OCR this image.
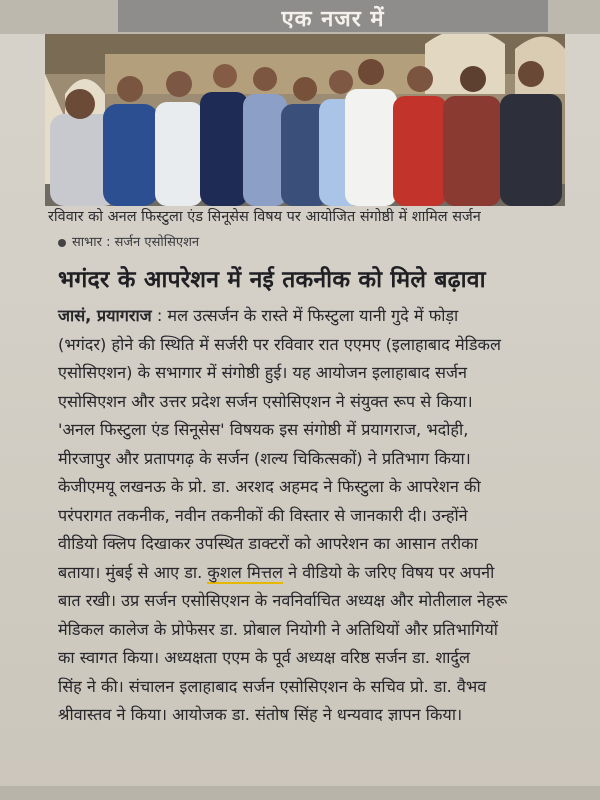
एक नजर में
रविवार को अनल फिस्टुला एंड सिनूसेस विषय पर आयोजित संगोष्ठी में शामिल सर्जन
साभार : सर्जन एसोसिएशन
भगंदर के आपरेशन में नई तकनीक को मिले बढ़ावा
जासं, प्रयागराज : मल उत्सर्जन के रास्ते में फिस्टुला यानी गुदे में फोड़ा
(भगंदर) होने की स्थिति में सर्जरी पर रविवार रात एएमए (इलाहाबाद मेडिकल
एसोसिएशन) के सभागार में संगोष्ठी हुई। यह आयोजन इलाहाबाद सर्जन
एसोसिएशन और उत्तर प्रदेश सर्जन एसोसिएशन ने संयुक्त रूप से किया।
'अनल फिस्टुला एंड सिनूसेस' विषयक इस संगोष्ठी में प्रयागराज, भदोही,
मीरजापुर और प्रतापगढ़ के सर्जन (शल्य चिकित्सकों) ने प्रतिभाग किया।
केजीएमयू लखनऊ के प्रो. डा. अरशद अहमद ने फिस्टुला के आपरेशन की
परंपरागत तकनीक, नवीन तकनीकों की विस्तार से जानकारी दी। उन्होंने
वीडियो क्लिप दिखाकर उपस्थित डाक्टरों को आपरेशन का आसान तरीका
बताया। मुंबई से आए डा. कुशल मित्तल ने वीडियो के जरिए विषय पर अपनी
बात रखी। उप्र सर्जन एसोसिएशन के नवनिर्वाचित अध्यक्ष और मोतीलाल नेहरू
मेडिकल कालेज के प्रोफेसर डा. प्रोबाल नियोगी ने अतिथियों और प्रतिभागियों
का स्वागत किया। अध्यक्षता एएम के पूर्व अध्यक्ष वरिष्ठ सर्जन डा. शार्दुल
सिंह ने की। संचालन इलाहाबाद सर्जन एसोसिएशन के सचिव प्रो. डा. वैभव
श्रीवास्तव ने किया। आयोजक डा. संतोष सिंह ने धन्यवाद ज्ञापन किया।
